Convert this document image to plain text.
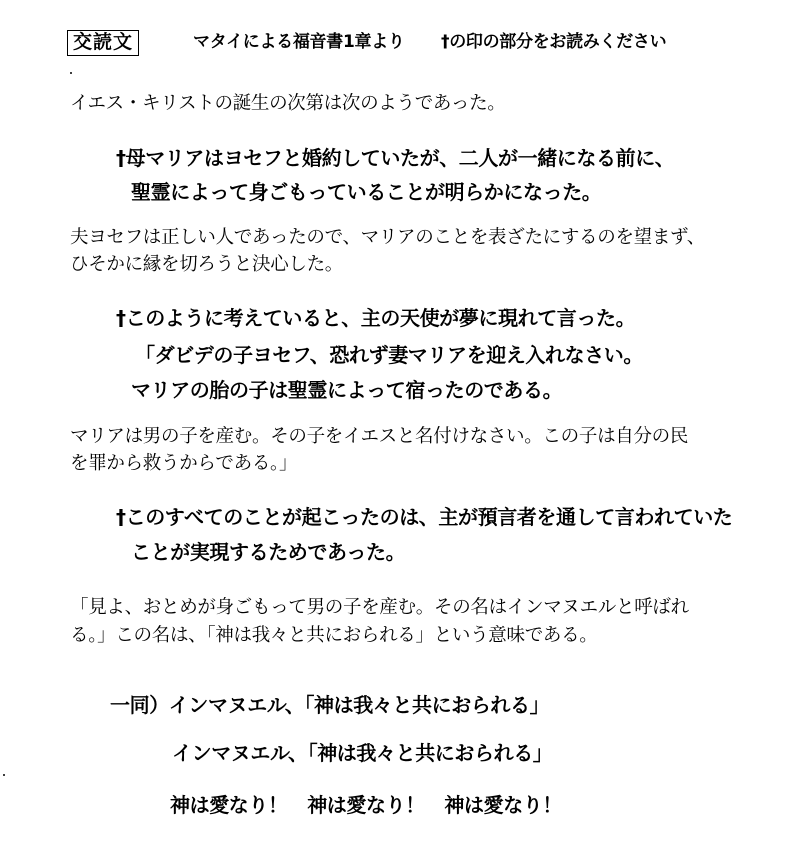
交読文	マタイによる福音書1章より †の印の部分をお読みください
イエス・キリストの誕生の次第は次のようであった。
†母マリアはヨセフと婚約していたが、二人が一緒になる前に、
聖霊によって身ごもっていることが明らかになった。
夫ヨセフは正しい人であったので、マリアのことを表ざたにするのを望まず、
ひそかに縁を切ろうと決心した。
†このように考えていると、主の天使が夢に現れて言った。
「ダビデの子ヨセフ、恐れず妻マリアを迎え入れなさい。
マリアの胎の子は聖霊によって宿ったのである。
マリアは男の子を産む。その子をイエスと名付けなさい。この子は自分の民
を罪から救うからである。」
†このすべてのことが起こったのは、主が預言者を通して言われていた
ことが実現するためであった。
「見よ、おとめが身ごもって男の子を産む。その名はインマヌエルと呼ばれ
る。」この名は、「神は我々と共におられる」という意味である。
一同）インマヌエル、「神は我々と共におられる」
インマヌエル、「神は我々と共におられる」
神は愛なり！　神は愛なり！　神は愛なり！
